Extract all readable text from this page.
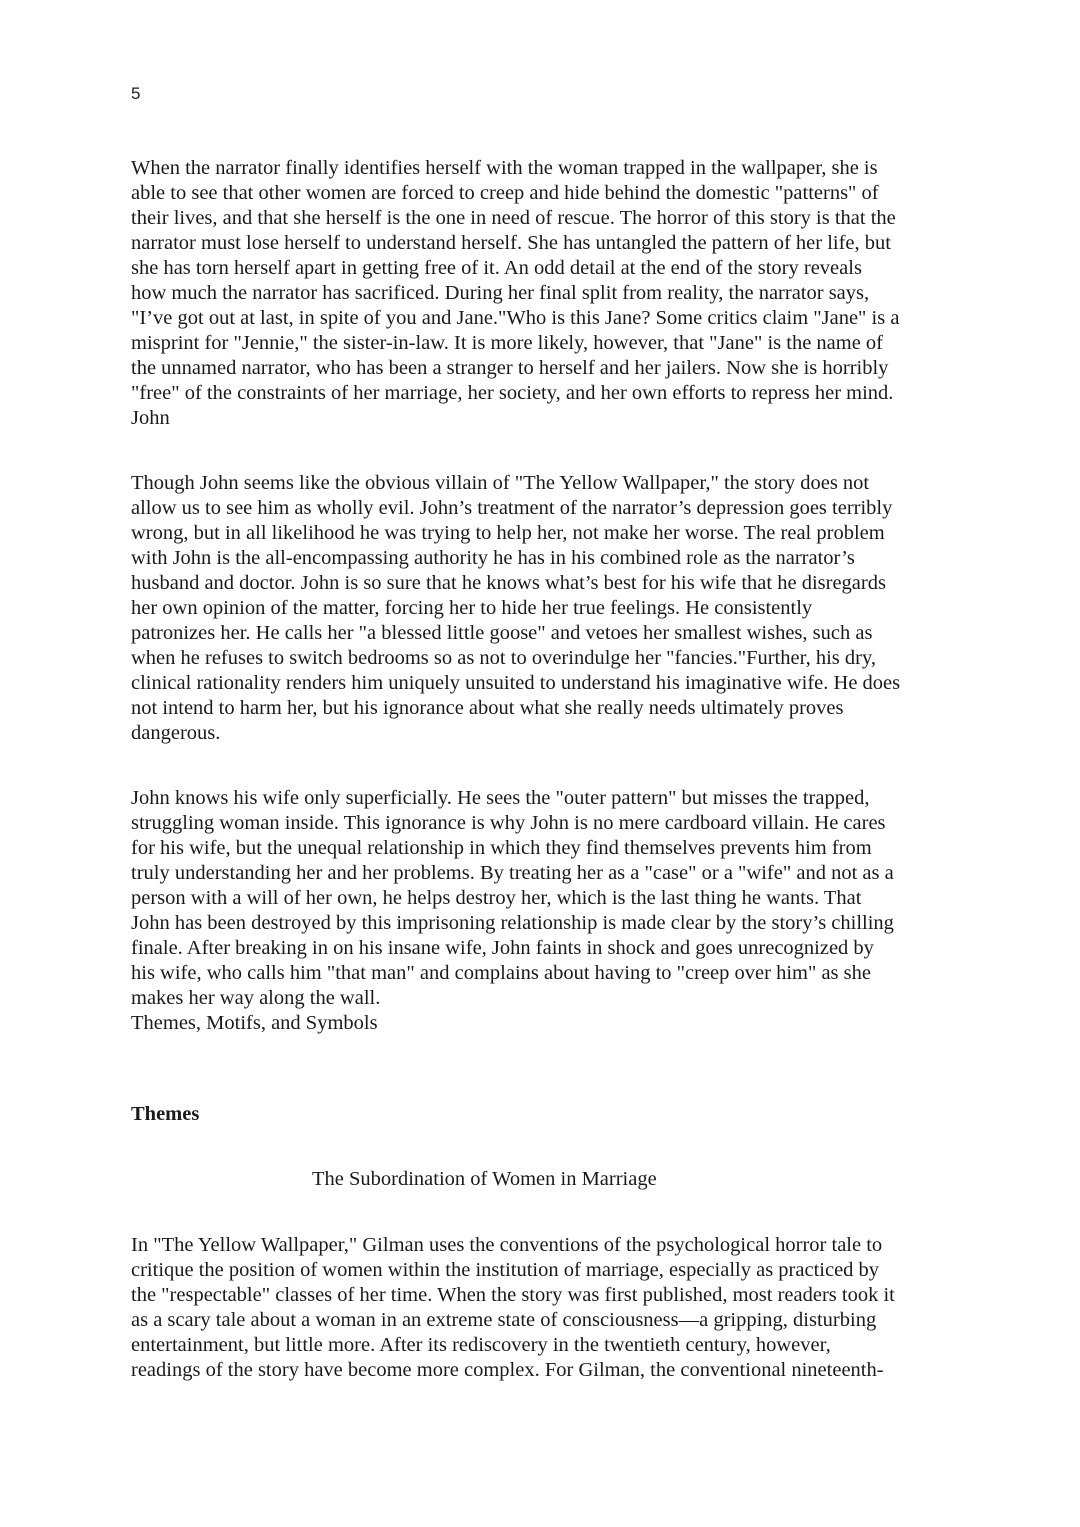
5

When the narrator finally identifies herself with the woman trapped in the wallpaper, she is
able to see that other women are forced to creep and hide behind the domestic "patterns" of
their lives, and that she herself is the one in need of rescue. The horror of this story is that the
narrator must lose herself to understand herself. She has untangled the pattern of her life, but
she has torn herself apart in getting free of it. An odd detail at the end of the story reveals
how much the narrator has sacrificed. During her final split from reality, the narrator says,
"I’ve got out at last, in spite of you and Jane."Who is this Jane? Some critics claim "Jane" is a
misprint for "Jennie," the sister-in-law. It is more likely, however, that "Jane" is the name of
the unnamed narrator, who has been a stranger to herself and her jailers. Now she is horribly
"free" of the constraints of her marriage, her society, and her own efforts to repress her mind.
John

Though John seems like the obvious villain of "The Yellow Wallpaper," the story does not
allow us to see him as wholly evil. John’s treatment of the narrator’s depression goes terribly
wrong, but in all likelihood he was trying to help her, not make her worse. The real problem
with John is the all-encompassing authority he has in his combined role as the narrator’s
husband and doctor. John is so sure that he knows what’s best for his wife that he disregards
her own opinion of the matter, forcing her to hide her true feelings. He consistently
patronizes her. He calls her "a blessed little goose" and vetoes her smallest wishes, such as
when he refuses to switch bedrooms so as not to overindulge her "fancies."Further, his dry,
clinical rationality renders him uniquely unsuited to understand his imaginative wife. He does
not intend to harm her, but his ignorance about what she really needs ultimately proves
dangerous.

John knows his wife only superficially. He sees the "outer pattern" but misses the trapped,
struggling woman inside. This ignorance is why John is no mere cardboard villain. He cares
for his wife, but the unequal relationship in which they find themselves prevents him from
truly understanding her and her problems. By treating her as a "case" or a "wife" and not as a
person with a will of her own, he helps destroy her, which is the last thing he wants. That
John has been destroyed by this imprisoning relationship is made clear by the story’s chilling
finale. After breaking in on his insane wife, John faints in shock and goes unrecognized by
his wife, who calls him "that man" and complains about having to "creep over him" as she
makes her way along the wall.
Themes, Motifs, and Symbols

Themes
The Subordination of Women in Marriage

In "The Yellow Wallpaper," Gilman uses the conventions of the psychological horror tale to
critique the position of women within the institution of marriage, especially as practiced by
the "respectable" classes of her time. When the story was first published, most readers took it
as a scary tale about a woman in an extreme state of consciousness—a gripping, disturbing
entertainment, but little more. After its rediscovery in the twentieth century, however,
readings of the story have become more complex. For Gilman, the conventional nineteenth-
